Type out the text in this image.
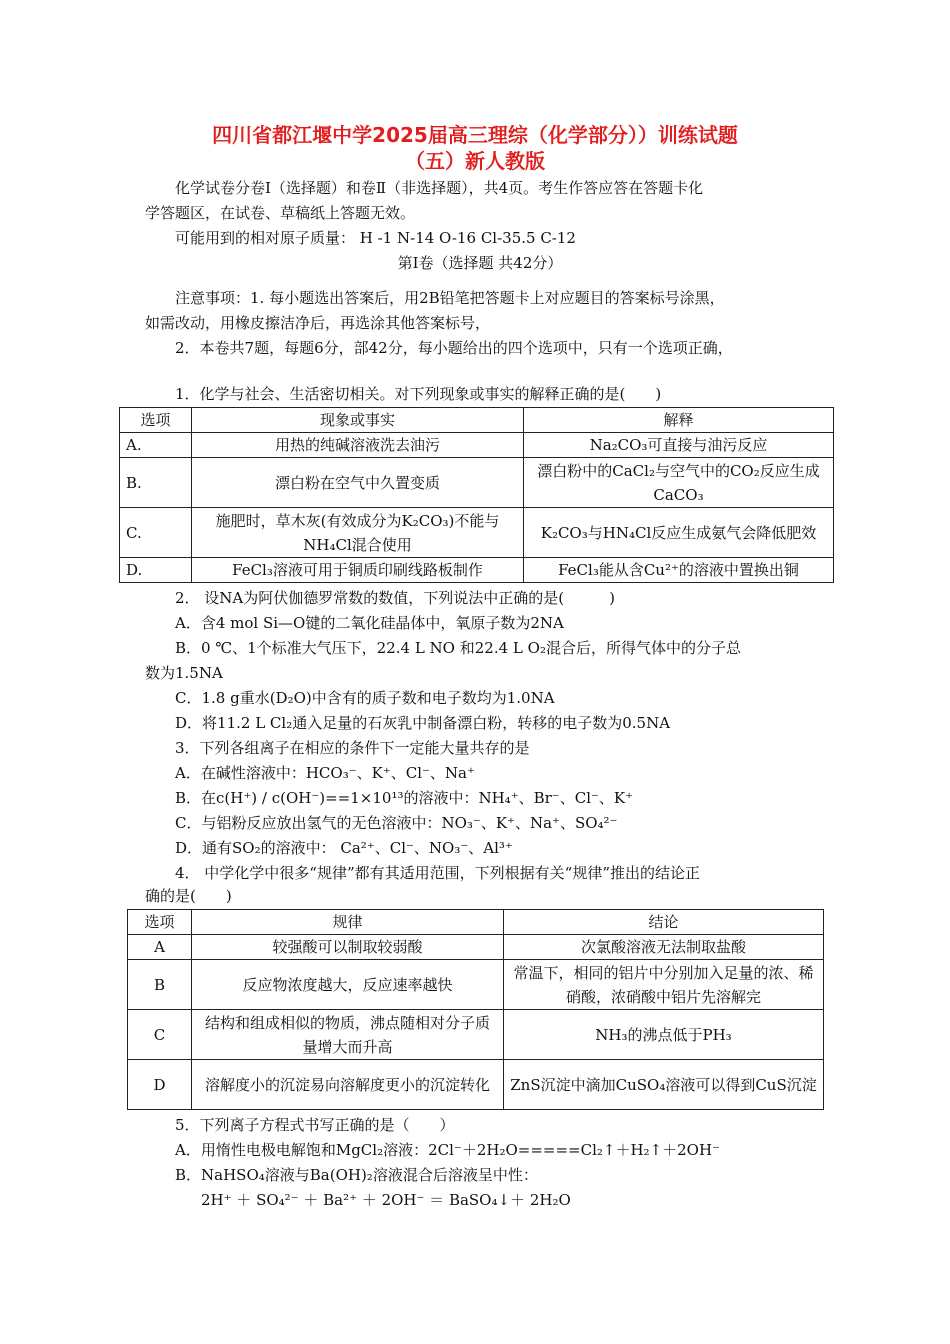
四川省都江堰中学2025届高三理综（化学部分））训练试题
（五）新人教版
化学试卷分卷Ⅰ（选择题）和卷Ⅱ（非选择题），共4页。考生作答应答在答题卡化
学答题区，在试卷、草稿纸上答题无效。
可能用到的相对原子质量： H -1 N-14 O-16 Cl-35.5 C-12
第Ⅰ卷（选择题 共42分）
注意事项：1. 每小题选出答案后，用2B铅笔把答题卡上对应题目的答案标号涂黑，
如需改动，用橡皮擦洁净后，再选涂其他答案标号，
2．本卷共7题，每题6分，部42分，每小题给出的四个选项中，只有一个选项正确，
1．化学与社会、生活密切相关。对下列现象或事实的解释正确的是(　　)
选项	现象或事实	解释
A.	用热的纯碱溶液洗去油污	Na₂CO₃可直接与油污反应
B.	漂白粉在空气中久置变质	漂白粉中的CaCl₂与空气中的CO₂反应生成CaCO₃
C.	施肥时，草木灰(有效成分为K₂CO₃)不能与NH₄Cl混合使用	K₂CO₃与HN₄Cl反应生成氨气会降低肥效
D.	FeCl₃溶液可用于铜质印刷线路板制作	FeCl₃能从含Cu²⁺的溶液中置换出铜
2． 设NA为阿伏伽德罗常数的数值，下列说法中正确的是(　　　)
A．含4 mol Si—O键的二氧化硅晶体中，氧原子数为2NA
B．0 ℃、1个标准大气压下，22.4 L NO 和22.4 L O₂混合后，所得气体中的分子总
数为1.5NA
C．1.8 g重水(D₂O)中含有的质子数和电子数均为1.0NA
D．将11.2 L Cl₂通入足量的石灰乳中制备漂白粉，转移的电子数为0.5NA
3．下列各组离子在相应的条件下一定能大量共存的是
A．在碱性溶液中：HCO₃⁻、K⁺、Cl⁻、Na⁺
B．在c(H⁺) / c(OH⁻)==1×10¹³的溶液中：NH₄⁺、Br⁻、Cl⁻、K⁺
C．与铝粉反应放出氢气的无色溶液中：NO₃⁻、K⁺、Na⁺、SO₄²⁻
D．通有SO₂的溶液中： Ca²⁺、Cl⁻、NO₃⁻、Al³⁺
4． 中学化学中很多“规律”都有其适用范围，下列根据有关“规律”推出的结论正
确的是(　　)
选项	规律	结论
A	较强酸可以制取较弱酸	次氯酸溶液无法制取盐酸
B	反应物浓度越大，反应速率越快	常温下，相同的铝片中分别加入足量的浓、稀硝酸，浓硝酸中铝片先溶解完
C	结构和组成相似的物质，沸点随相对分子质量增大而升高	NH₃的沸点低于PH₃
D	溶解度小的沉淀易向溶解度更小的沉淀转化	ZnS沉淀中滴加CuSO₄溶液可以得到CuS沉淀
5．下列离子方程式书写正确的是（　　）
A．用惰性电极电解饱和MgCl₂溶液：2Cl⁻＋2H₂O=====Cl₂↑＋H₂↑＋2OH⁻
B．NaHSO₄溶液与Ba(OH)₂溶液混合后溶液呈中性：
2H⁺ ＋ SO₄²⁻ ＋ Ba²⁺ ＋ 2OH⁻ ＝ BaSO₄↓＋ 2H₂O
